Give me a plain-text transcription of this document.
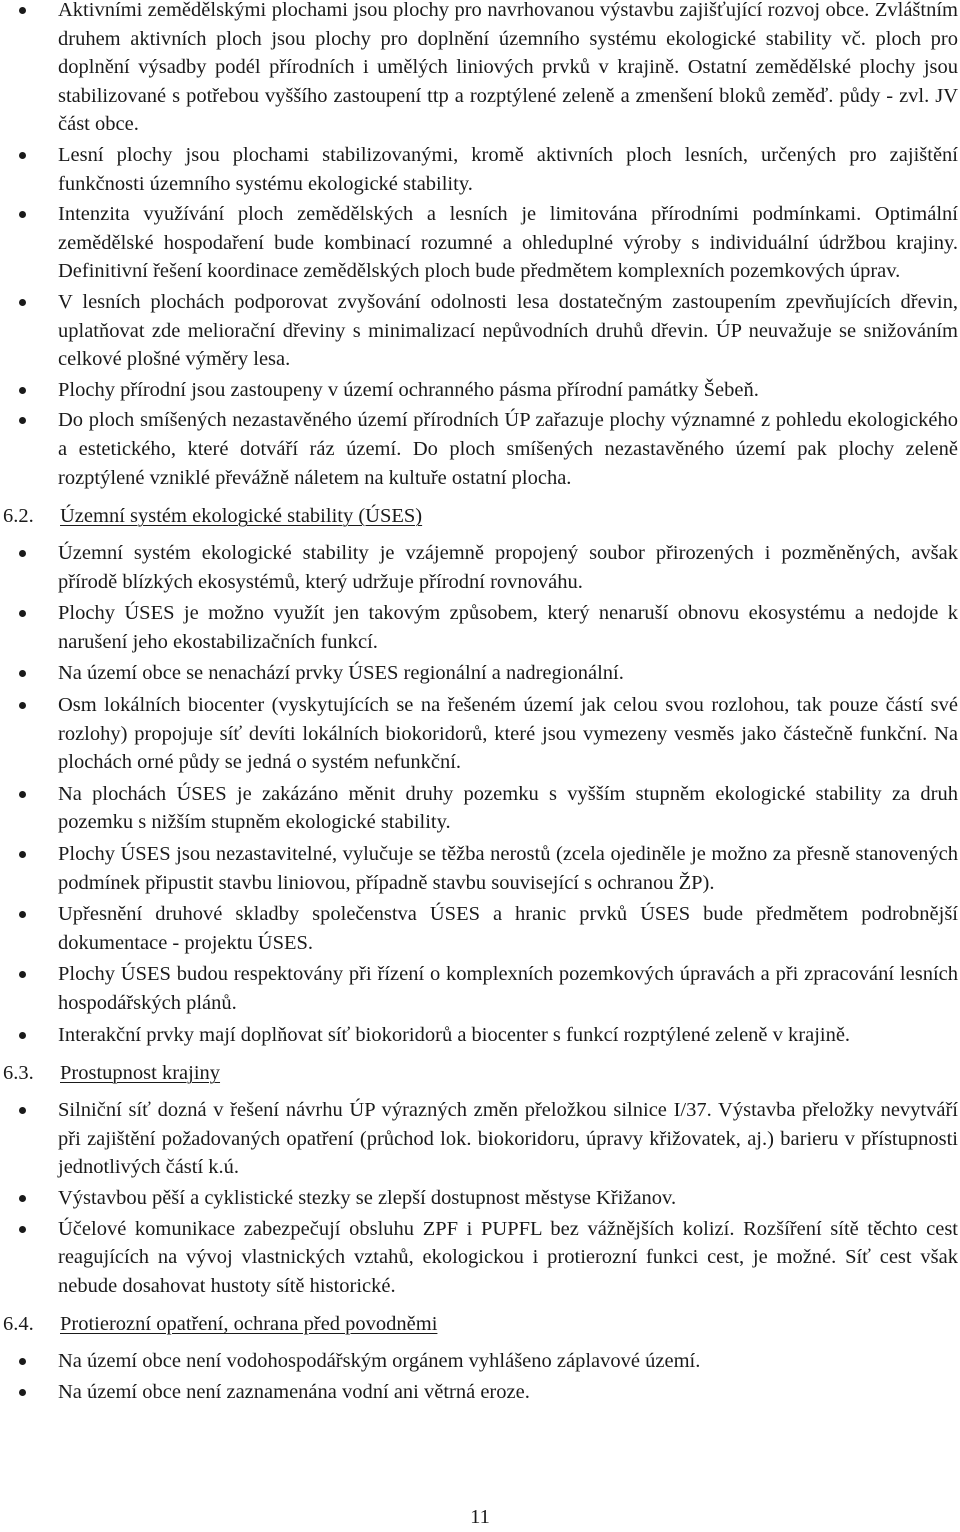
Aktivními zemědělskými plochami jsou plochy pro navrhovanou výstavbu zajišťující rozvoj obce. Zvláštním druhem aktivních ploch jsou plochy pro doplnění územního systému ekologické stability vč. ploch pro doplnění výsadby podél přírodních i umělých liniových prvků v krajině. Ostatní zemědělské plochy jsou stabilizované s potřebou vyššího zastoupení ttp a rozptýlené zeleně a zmenšení bloků zeměď. půdy - zvl. JV část obce.
Lesní plochy jsou plochami stabilizovanými, kromě aktivních ploch lesních, určených pro zajištění funkčnosti územního systému ekologické stability.
Intenzita využívání ploch zemědělských a lesních je limitována přírodními podmínkami. Optimální zemědělské hospodaření bude kombinací rozumné a ohleduplné výroby s individuální údržbou krajiny. Definitivní řešení koordinace zemědělských ploch bude předmětem komplexních pozemkových úprav.
V lesních plochách podporovat zvyšování odolnosti lesa dostatečným zastoupením zpevňujících dřevin, uplatňovat zde meliorační dřeviny s minimalizací nepůvodních druhů dřevin. ÚP neuvažuje se snižováním celkové plošné výměry lesa.
Plochy přírodní jsou zastoupeny v území ochranného pásma přírodní památky Šebeň.
Do ploch smíšených nezastavěného území přírodních ÚP zařazuje plochy významné z pohledu ekologického a estetického, které dotváří ráz území. Do ploch smíšených nezastavěného území pak plochy zeleně rozptýlené vzniklé převážně náletem na kultuře ostatní plocha.
6.2. Územní systém ekologické stability (ÚSES)
Územní systém ekologické stability je vzájemně propojený soubor přirozených i pozměněných, avšak přírodě blízkých ekosystémů, který udržuje přírodní rovnováhu.
Plochy ÚSES je možno využít jen takovým způsobem, který nenaruší obnovu ekosystému a nedojde k narušení jeho ekostabilizačních funkcí.
Na území obce se nenachází prvky ÚSES regionální a nadregionální.
Osm lokálních biocenter (vyskytujících se na řešeném území jak celou svou rozlohou, tak pouze částí své rozlohy) propojuje síť devíti lokálních biokoridorů, které jsou vymezeny vesměs jako částečně funkční. Na plochách orné půdy se jedná o systém nefunkční.
Na plochách ÚSES je zakázáno měnit druhy pozemku s vyšším stupněm ekologické stability za druh pozemku s nižším stupněm ekologické stability.
Plochy ÚSES jsou nezastavitelné, vylučuje se těžba nerostů (zcela ojediněle je možno za přesně stanovených podmínek připustit stavbu liniovou, případně stavbu související s ochranou ŽP).
Upřesnění druhové skladby společenstva ÚSES a hranic prvků ÚSES bude předmětem podrobnější dokumentace - projektu ÚSES.
Plochy ÚSES budou respektovány při řízení o komplexních pozemkových úpravách a při zpracování lesních hospodářských plánů.
Interakční prvky mají doplňovat síť biokoridorů a biocenter s funkcí rozptýlené zeleně v krajině.
6.3. Prostupnost krajiny
Silniční síť dozná v řešení návrhu ÚP výrazných změn přeložkou silnice I/37. Výstavba přeložky nevytváří při zajištění požadovaných opatření (průchod lok. biokoridoru, úpravy křižovatek, aj.) barieru v přístupnosti jednotlivých částí k.ú.
Výstavbou pěší a cyklistické stezky se zlepší dostupnost městyse Křižanov.
Účelové komunikace zabezpečují obsluhu ZPF i PUPFL bez vážnějších kolizí. Rozšíření sítě těchto cest reagujících na vývoj vlastnických vztahů, ekologickou i protierozní funkci cest, je možné. Síť cest však nebude dosahovat hustoty sítě historické.
6.4. Protierozní opatření, ochrana před povodněmi
Na území obce není vodohospodářským orgánem vyhlášeno záplavové území.
Na území obce není zaznamenána vodní ani větrná eroze.
11
